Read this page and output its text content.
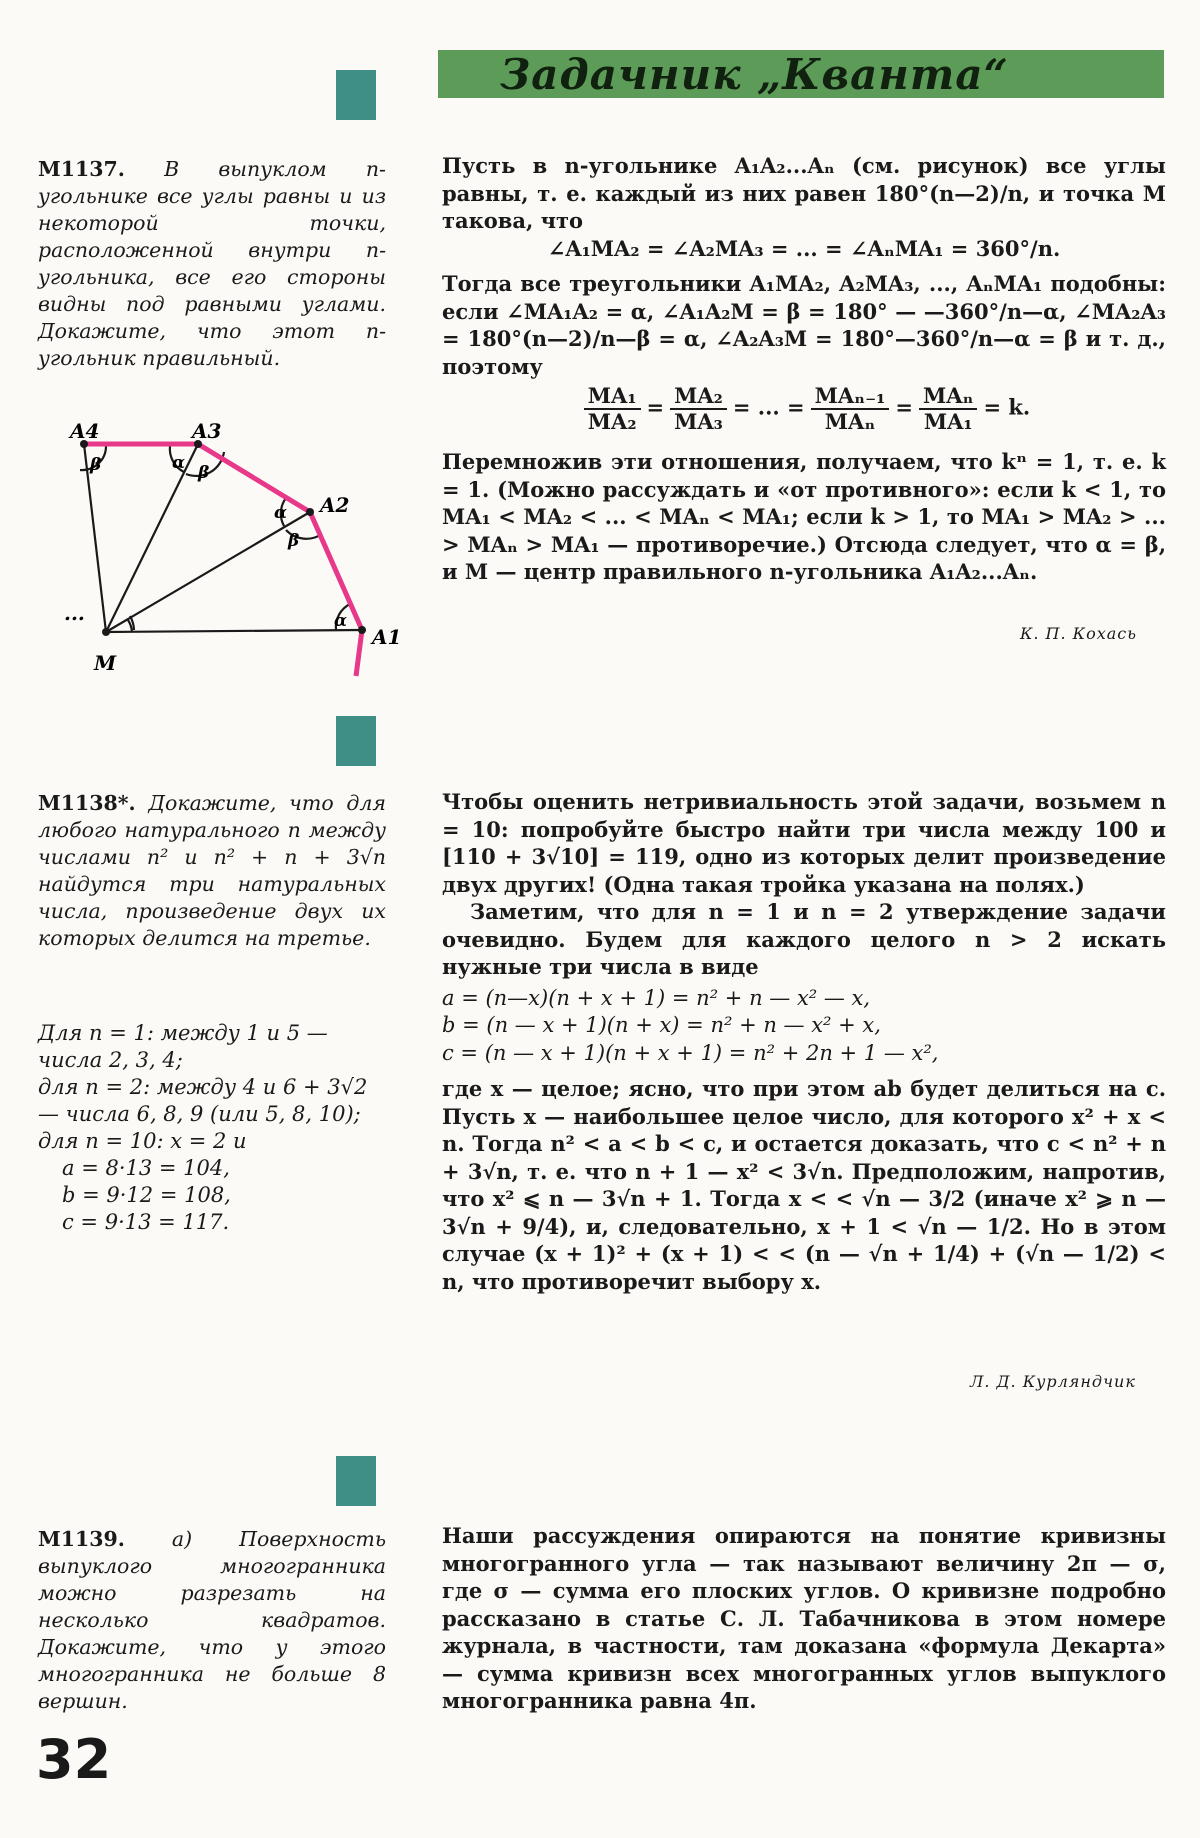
Задачник „Кванта“
М1137. В выпуклом n-угольнике все углы равны и из некоторой точки, расположенной внутри n-угольника, все его стороны видны под равными углами. Докажите, что этот n-угольник правильный.
A4	A3
A2
A1
M
...
β	α β
α
β
α

Пусть в n-угольнике A₁A₂...Aₙ (см. рисунок) все углы равны, т. е. каждый из них равен 180°(n—2)/n, и точка M такова, что

∠A₁MA₂ = ∠A₂MA₃ = ... = ∠AₙMA₁ = 360°/n.

Тогда все треугольники A₁MA₂, A₂MA₃, ..., AₙMA₁ подобны: если ∠MA₁A₂ = α, ∠A₁A₂M = β = 180° — —360°/n—α, ∠MA₂A₃ = 180°(n—2)/n—β = α, ∠A₂A₃M = 180°—360°/n—α = β и т. д., поэтому

$\frac{\text{MA₁}}{\text{MA₂}} = \frac{\text{MA₂}}{\text{MA₃}}$ = ... = $\frac{\text{MAₙ₋₁}}{\text{MAₙ}} = \frac{\text{MAₙ}}{\text{MA₁}} = k$.

Перемножив эти отношения, получаем, что kⁿ = 1, т. е. k = 1. (Можно рассуждать и «от противного»: если k < 1, то MA₁ < MA₂ < ... < MAₙ < MA₁; если k > 1, то MA₁ > MA₂ > ... > MAₙ > MA₁ — противоречие.) Отсюда следует, что α = β, и M — центр правильного n-угольника A₁A₂...Aₙ.

К. П. Кохась
М1138*. Докажите, что для любого натурального n между числами n² и n² + n + 3√n найдутся три натуральных числа, произведение двух их которых делится на третье.

Для n = 1: между 1 и 5 — числа 2, 3, 4;

для n = 2: между 4 и 6 + 3√2 — числа 6, 8, 9 (или 5, 8, 10);

для n = 10: x = 2 и

a = 8·13 = 104,

b = 9·12 = 108,

c = 9·13 = 117.

Чтобы оценить нетривиальность этой задачи, возьмем n = 10: попробуйте быстро найти три числа между 100 и [110 + 3√10] = 119, одно из которых делит произведение двух других! (Одна такая тройка указана на полях.)

Заметим, что для n = 1 и n = 2 утверждение задачи очевидно. Будем для каждого целого n > 2 искать нужные три числа в виде

a = (n—x)(n + x + 1) = n² + n — x² — x,

b = (n — x + 1)(n + x) = n² + n — x² + x,

c = (n — x + 1)(n + x + 1) = n² + 2n + 1 — x²,

где x — целое; ясно, что при этом ab будет делиться на c. Пусть x — наибольшее целое число, для которого x² + x < n. Тогда n² < a < b < c, и остается доказать, что c < n² + n + 3√n, т. е. что n + 1 — x² < 3√n. Предположим, напротив, что x² ⩽ n — 3√n + 1. Тогда x < < √n — 3/2 (иначе x² ⩾ n — 3√n + 9/4), и, следовательно, x + 1 < √n — 1/2. Но в этом случае (x + 1)² + (x + 1) < < (n — √n + 1/4) + (√n — 1/2) < n, что противоречит выбору x.

Л. Д. Курляндчик
М1139. а) Поверхность выпуклого многогранника можно разрезать на несколько квадратов. Докажите, что у этого многогранника не больше 8 вершин.

Наши рассуждения опираются на понятие кривизны многогранного угла — так называют величину 2π — σ, где σ — сумма его плоских углов. О кривизне подробно рассказано в статье С. Л. Табачникова в этом номере журнала, в частности, там доказана «формула Декарта» — сумма кривизн всех многогранных углов выпуклого многогранника равна 4π.

32
